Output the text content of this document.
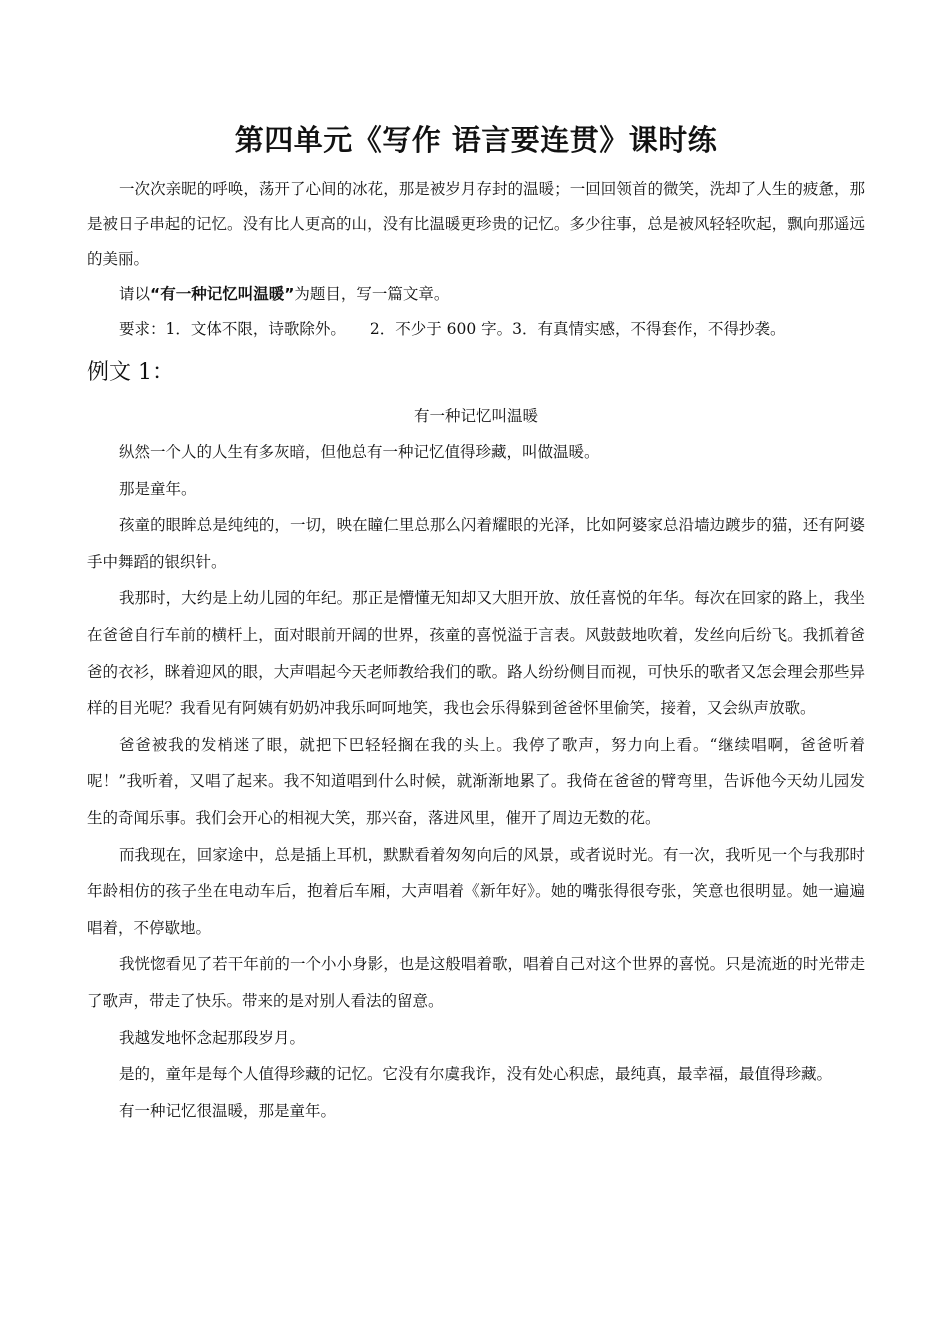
第四单元《写作 语言要连贯》课时练

一次次亲昵的呼唤，荡开了心间的冰花，那是被岁月存封的温暖；一回回领首的微笑，洗却了人生的疲惫，那是被日子串起的记忆。没有比人更高的山，没有比温暖更珍贵的记忆。多少往事，总是被风轻轻吹起，飘向那遥远的美丽。

请以“有一种记忆叫温暖”为题目，写一篇文章。

要求：1．文体不限，诗歌除外。 2．不少于 600 字。3．有真情实感，不得套作，不得抄袭。

例文 1：
有一种记忆叫温暖

纵然一个人的人生有多灰暗，但他总有一种记忆值得珍藏，叫做温暖。

那是童年。

孩童的眼眸总是纯纯的，一切，映在瞳仁里总那么闪着耀眼的光泽，比如阿婆家总沿墙边踱步的猫，还有阿婆手中舞蹈的银织针。

我那时，大约是上幼儿园的年纪。那正是懵懂无知却又大胆开放、放任喜悦的年华。每次在回家的路上，我坐在爸爸自行车前的横杆上，面对眼前开阔的世界，孩童的喜悦溢于言表。风鼓鼓地吹着，发丝向后纷飞。我抓着爸爸的衣衫，眯着迎风的眼，大声唱起今天老师教给我们的歌。路人纷纷侧目而视，可快乐的歌者又怎会理会那些异样的目光呢？我看见有阿姨有奶奶冲我乐呵呵地笑，我也会乐得躲到爸爸怀里偷笑，接着，又会纵声放歌。

爸爸被我的发梢迷了眼，就把下巴轻轻搁在我的头上。我停了歌声，努力向上看。“继续唱啊，爸爸听着呢！”我听着，又唱了起来。我不知道唱到什么时候，就渐渐地累了。我倚在爸爸的臂弯里，告诉他今天幼儿园发生的奇闻乐事。我们会开心的相视大笑，那兴奋，落进风里，催开了周边无数的花。

而我现在，回家途中，总是插上耳机，默默看着匆匆向后的风景，或者说时光。有一次，我听见一个与我那时年龄相仿的孩子坐在电动车后，抱着后车厢，大声唱着《新年好》。她的嘴张得很夸张，笑意也很明显。她一遍遍唱着，不停歇地。

我恍惚看见了若干年前的一个小小身影，也是这般唱着歌，唱着自己对这个世界的喜悦。只是流逝的时光带走了歌声，带走了快乐。带来的是对别人看法的留意。

我越发地怀念起那段岁月。

是的，童年是每个人值得珍藏的记忆。它没有尔虞我诈，没有处心积虑，最纯真，最幸福，最值得珍藏。

有一种记忆很温暖，那是童年。
